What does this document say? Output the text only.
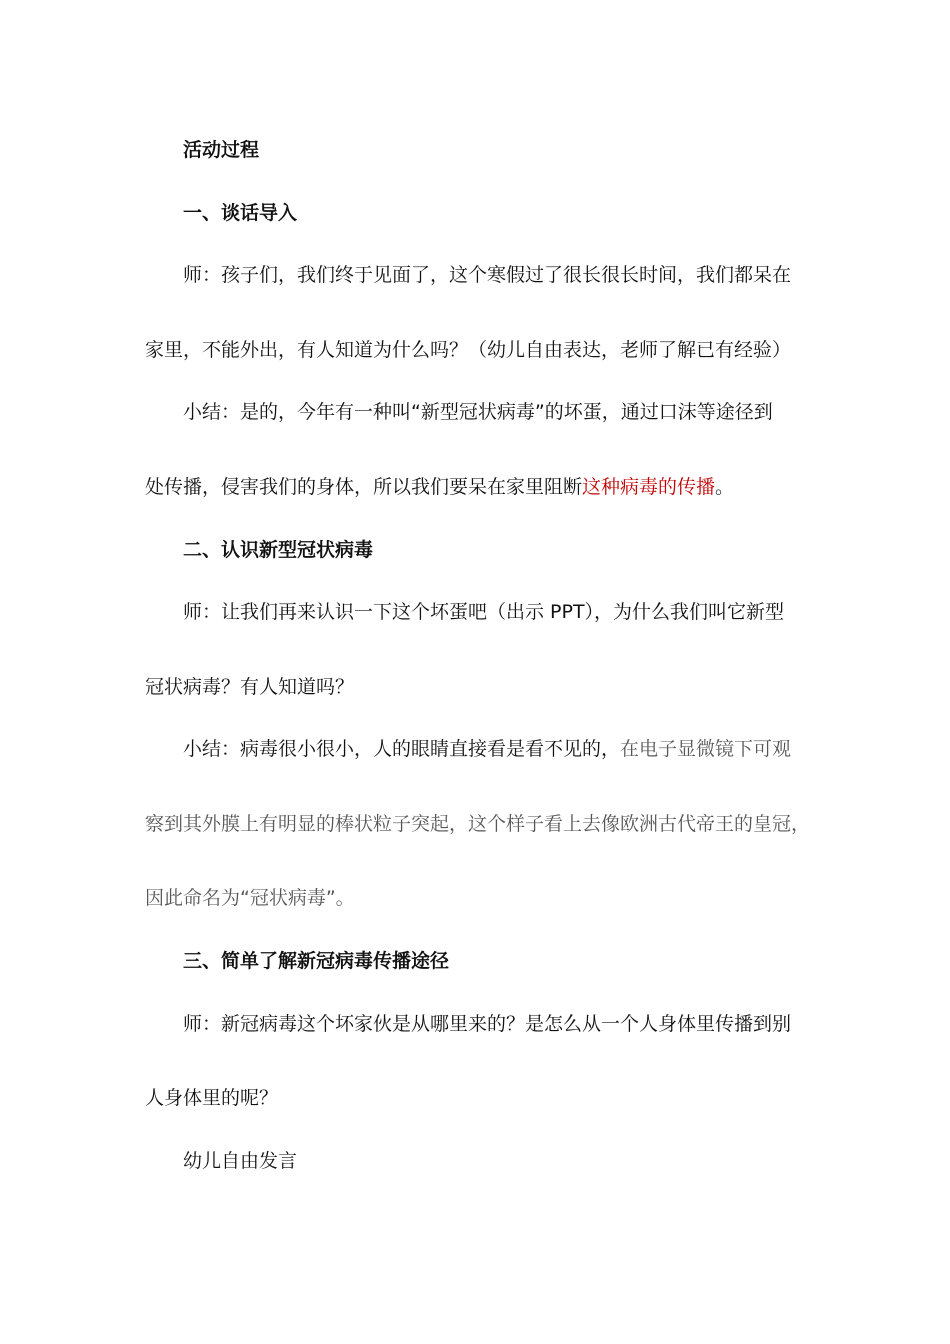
活动过程
一、谈话导入
师：孩子们，我们终于见面了，这个寒假过了很长很长时间，我们都呆在
家里，不能外出，有人知道为什么吗？（幼儿自由表达，老师了解已有经验）
小结：是的，今年有一种叫“新型冠状病毒”的坏蛋，通过口沫等途径到
处传播，侵害我们的身体，所以我们要呆在家里阻断这种病毒的传播。
二、认识新型冠状病毒
师：让我们再来认识一下这个坏蛋吧（出示 PPT），为什么我们叫它新型
冠状病毒？有人知道吗？
小结：病毒很小很小，人的眼睛直接看是看不见的，在电子显微镜下可观
察到其外膜上有明显的棒状粒子突起，这个样子看上去像欧洲古代帝王的皇冠，
因此命名为“冠状病毒”。
三、简单了解新冠病毒传播途径
师：新冠病毒这个坏家伙是从哪里来的？是怎么从一个人身体里传播到别
人身体里的呢？
幼儿自由发言
